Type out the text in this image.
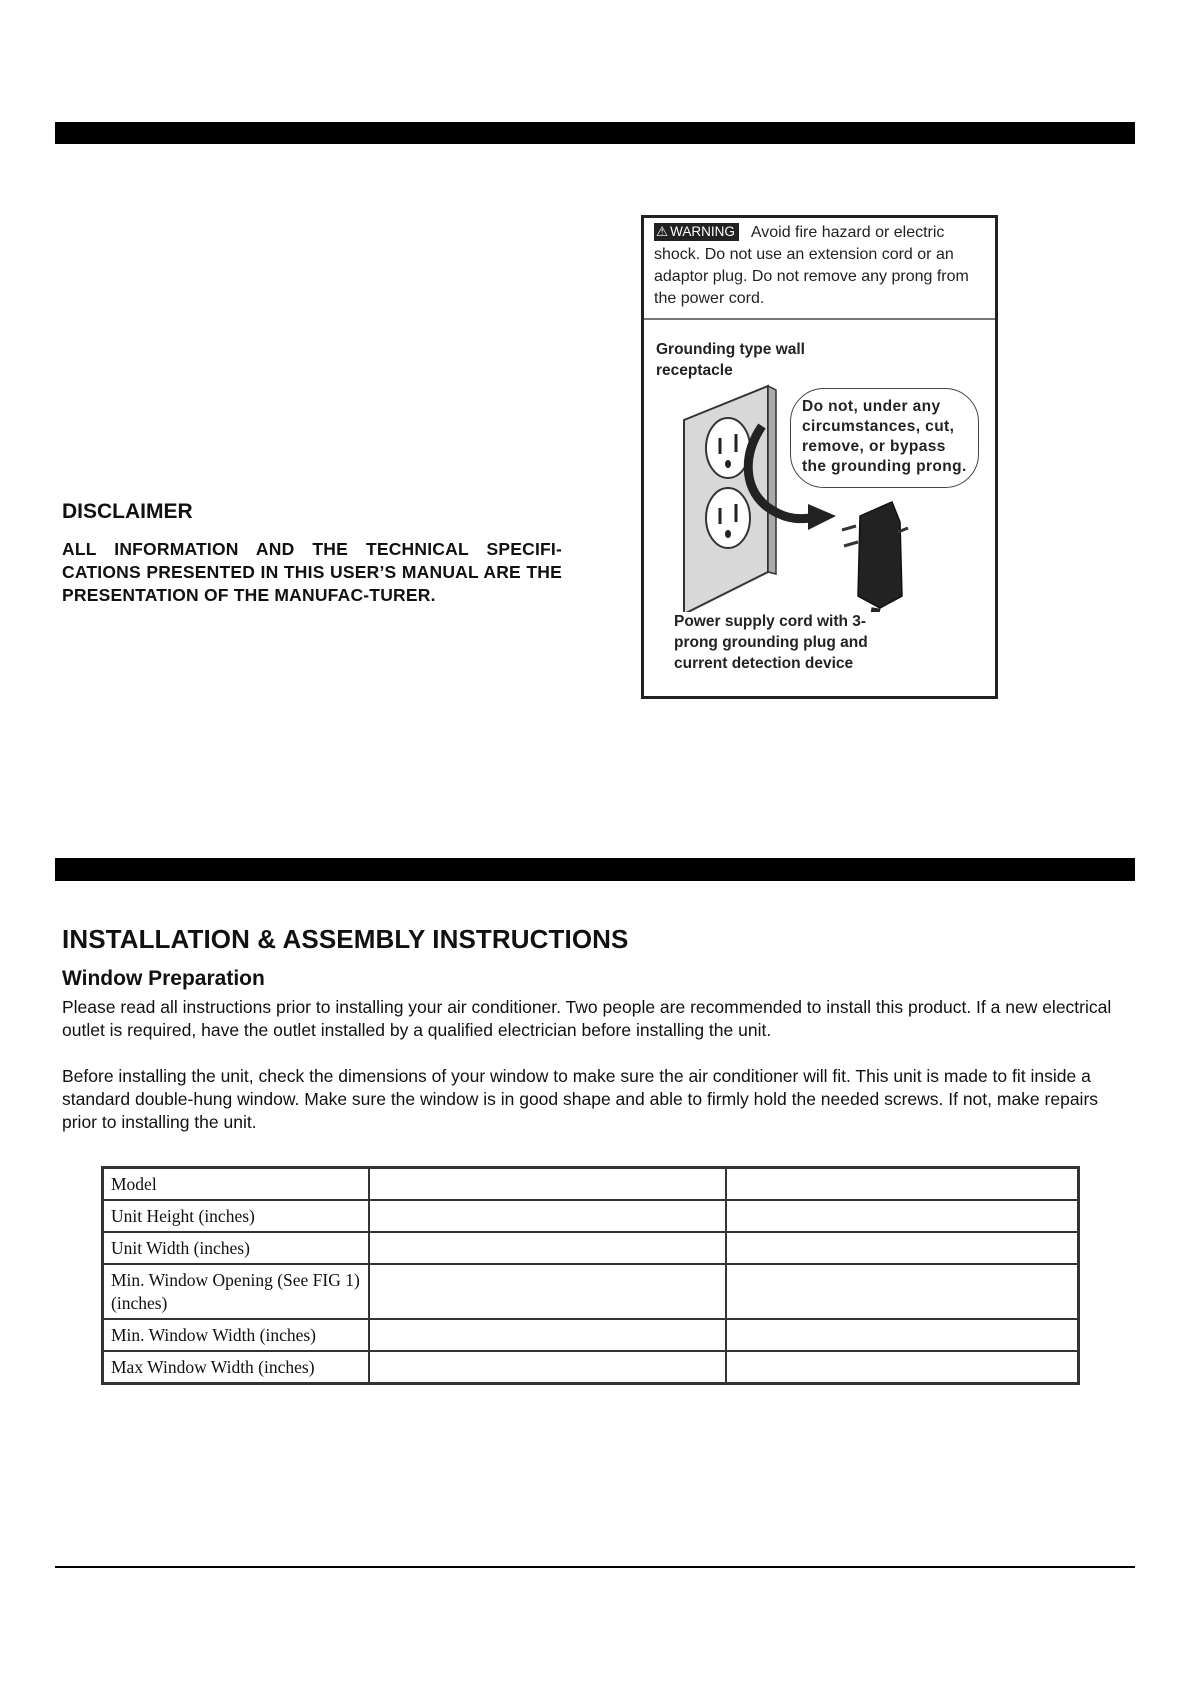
DISCLAIMER

ALL INFORMATION AND THE TECHNICAL SPECIFI-CATIONS PRESENTED IN THIS USER’S MANUAL ARE THE PRESENTATION OF THE MANUFAC-TURER.

⚠ WARNING Avoid fire hazard or electric shock. Do not use an extension cord or an adaptor plug. Do not remove any prong from the power cord.
Grounding type wall receptacle
Do not, under any circumstances, cut, remove, or bypass the grounding prong.
Power supply cord with 3-prong grounding plug and current detection device
INSTALLATION & ASSEMBLY INSTRUCTIONS
Window Preparation

Please read all instructions prior to installing your air conditioner. Two people are recommended to install this product. If a new electrical outlet is required, have the outlet installed by a qualified electrician before installing the unit.

Before installing the unit, check the dimensions of your window to make sure the air conditioner will fit. This unit is made to fit inside a standard double-hung window. Make sure the window is in good shape and able to firmly hold the needed screws. If not, make repairs prior to installing the unit.

Model		
Unit Height (inches)		
Unit Width (inches)		
Min. Window Opening (See FIG 1) (inches)		
Min. Window Width (inches)		
Max Window Width (inches)		
